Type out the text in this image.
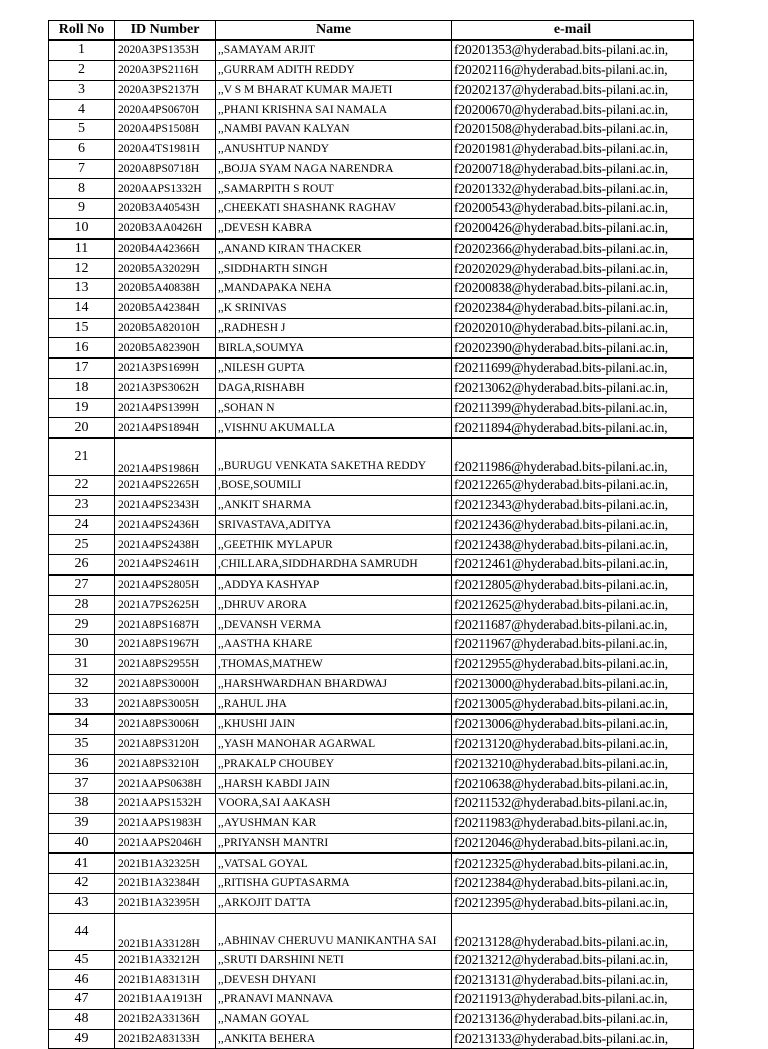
Roll No	ID Number	Name	e-mail
1	2020A3PS1353H	,,SAMAYAM ARJIT	f20201353@hyderabad.bits-pilani.ac.in,
2	2020A3PS2116H	,,GURRAM ADITH REDDY	f20202116@hyderabad.bits-pilani.ac.in,
3	2020A3PS2137H	,,V S M BHARAT KUMAR MAJETI	f20202137@hyderabad.bits-pilani.ac.in,
4	2020A4PS0670H	,,PHANI KRISHNA SAI NAMALA	f20200670@hyderabad.bits-pilani.ac.in,
5	2020A4PS1508H	,,NAMBI PAVAN KALYAN	f20201508@hyderabad.bits-pilani.ac.in,
6	2020A4TS1981H	,,ANUSHTUP NANDY	f20201981@hyderabad.bits-pilani.ac.in,
7	2020A8PS0718H	,,BOJJA SYAM NAGA NARENDRA	f20200718@hyderabad.bits-pilani.ac.in,
8	2020AAPS1332H	,,SAMARPITH S ROUT	f20201332@hyderabad.bits-pilani.ac.in,
9	2020B3A40543H	,,CHEEKATI SHASHANK RAGHAV	f20200543@hyderabad.bits-pilani.ac.in,
10	2020B3AA0426H	,,DEVESH KABRA	f20200426@hyderabad.bits-pilani.ac.in,
11	2020B4A42366H	,,ANAND KIRAN THACKER	f20202366@hyderabad.bits-pilani.ac.in,
12	2020B5A32029H	,,SIDDHARTH SINGH	f20202029@hyderabad.bits-pilani.ac.in,
13	2020B5A40838H	,,MANDAPAKA NEHA	f20200838@hyderabad.bits-pilani.ac.in,
14	2020B5A42384H	,,K SRINIVAS	f20202384@hyderabad.bits-pilani.ac.in,
15	2020B5A82010H	,,RADHESH J	f20202010@hyderabad.bits-pilani.ac.in,
16	2020B5A82390H	BIRLA,SOUMYA	f20202390@hyderabad.bits-pilani.ac.in,
17	2021A3PS1699H	,,NILESH GUPTA	f20211699@hyderabad.bits-pilani.ac.in,
18	2021A3PS3062H	DAGA,RISHABH	f20213062@hyderabad.bits-pilani.ac.in,
19	2021A4PS1399H	,,SOHAN N	f20211399@hyderabad.bits-pilani.ac.in,
20	2021A4PS1894H	,,VISHNU AKUMALLA	f20211894@hyderabad.bits-pilani.ac.in,
21	2021A4PS1986H	,,BURUGU VENKATA SAKETHA REDDY	f20211986@hyderabad.bits-pilani.ac.in,
22	2021A4PS2265H	,BOSE,SOUMILI	f20212265@hyderabad.bits-pilani.ac.in,
23	2021A4PS2343H	,,ANKIT SHARMA	f20212343@hyderabad.bits-pilani.ac.in,
24	2021A4PS2436H	SRIVASTAVA,ADITYA	f20212436@hyderabad.bits-pilani.ac.in,
25	2021A4PS2438H	,,GEETHIK MYLAPUR	f20212438@hyderabad.bits-pilani.ac.in,
26	2021A4PS2461H	,CHILLARA,SIDDHARDHA SAMRUDH	f20212461@hyderabad.bits-pilani.ac.in,
27	2021A4PS2805H	,,ADDYA KASHYAP	f20212805@hyderabad.bits-pilani.ac.in,
28	2021A7PS2625H	,,DHRUV ARORA	f20212625@hyderabad.bits-pilani.ac.in,
29	2021A8PS1687H	,,DEVANSH VERMA	f20211687@hyderabad.bits-pilani.ac.in,
30	2021A8PS1967H	,,AASTHA KHARE	f20211967@hyderabad.bits-pilani.ac.in,
31	2021A8PS2955H	,THOMAS,MATHEW	f20212955@hyderabad.bits-pilani.ac.in,
32	2021A8PS3000H	,,HARSHWARDHAN BHARDWAJ	f20213000@hyderabad.bits-pilani.ac.in,
33	2021A8PS3005H	,,RAHUL JHA	f20213005@hyderabad.bits-pilani.ac.in,
34	2021A8PS3006H	,,KHUSHI JAIN	f20213006@hyderabad.bits-pilani.ac.in,
35	2021A8PS3120H	,,YASH MANOHAR AGARWAL	f20213120@hyderabad.bits-pilani.ac.in,
36	2021A8PS3210H	,,PRAKALP CHOUBEY	f20213210@hyderabad.bits-pilani.ac.in,
37	2021AAPS0638H	,,HARSH KABDI JAIN	f20210638@hyderabad.bits-pilani.ac.in,
38	2021AAPS1532H	VOORA,SAI AAKASH	f20211532@hyderabad.bits-pilani.ac.in,
39	2021AAPS1983H	,,AYUSHMAN KAR	f20211983@hyderabad.bits-pilani.ac.in,
40	2021AAPS2046H	,,PRIYANSH MANTRI	f20212046@hyderabad.bits-pilani.ac.in,
41	2021B1A32325H	,,VATSAL GOYAL	f20212325@hyderabad.bits-pilani.ac.in,
42	2021B1A32384H	,,RITISHA GUPTASARMA	f20212384@hyderabad.bits-pilani.ac.in,
43	2021B1A32395H	,,ARKOJIT DATTA	f20212395@hyderabad.bits-pilani.ac.in,
44	2021B1A33128H	,,ABHINAV CHERUVU MANIKANTHA SAI	f20213128@hyderabad.bits-pilani.ac.in,
45	2021B1A33212H	,,SRUTI DARSHINI NETI	f20213212@hyderabad.bits-pilani.ac.in,
46	2021B1A83131H	,,DEVESH DHYANI	f20213131@hyderabad.bits-pilani.ac.in,
47	2021B1AA1913H	,,PRANAVI MANNAVA	f20211913@hyderabad.bits-pilani.ac.in,
48	2021B2A33136H	,,NAMAN GOYAL	f20213136@hyderabad.bits-pilani.ac.in,
49	2021B2A83133H	,,ANKITA BEHERA	f20213133@hyderabad.bits-pilani.ac.in,
